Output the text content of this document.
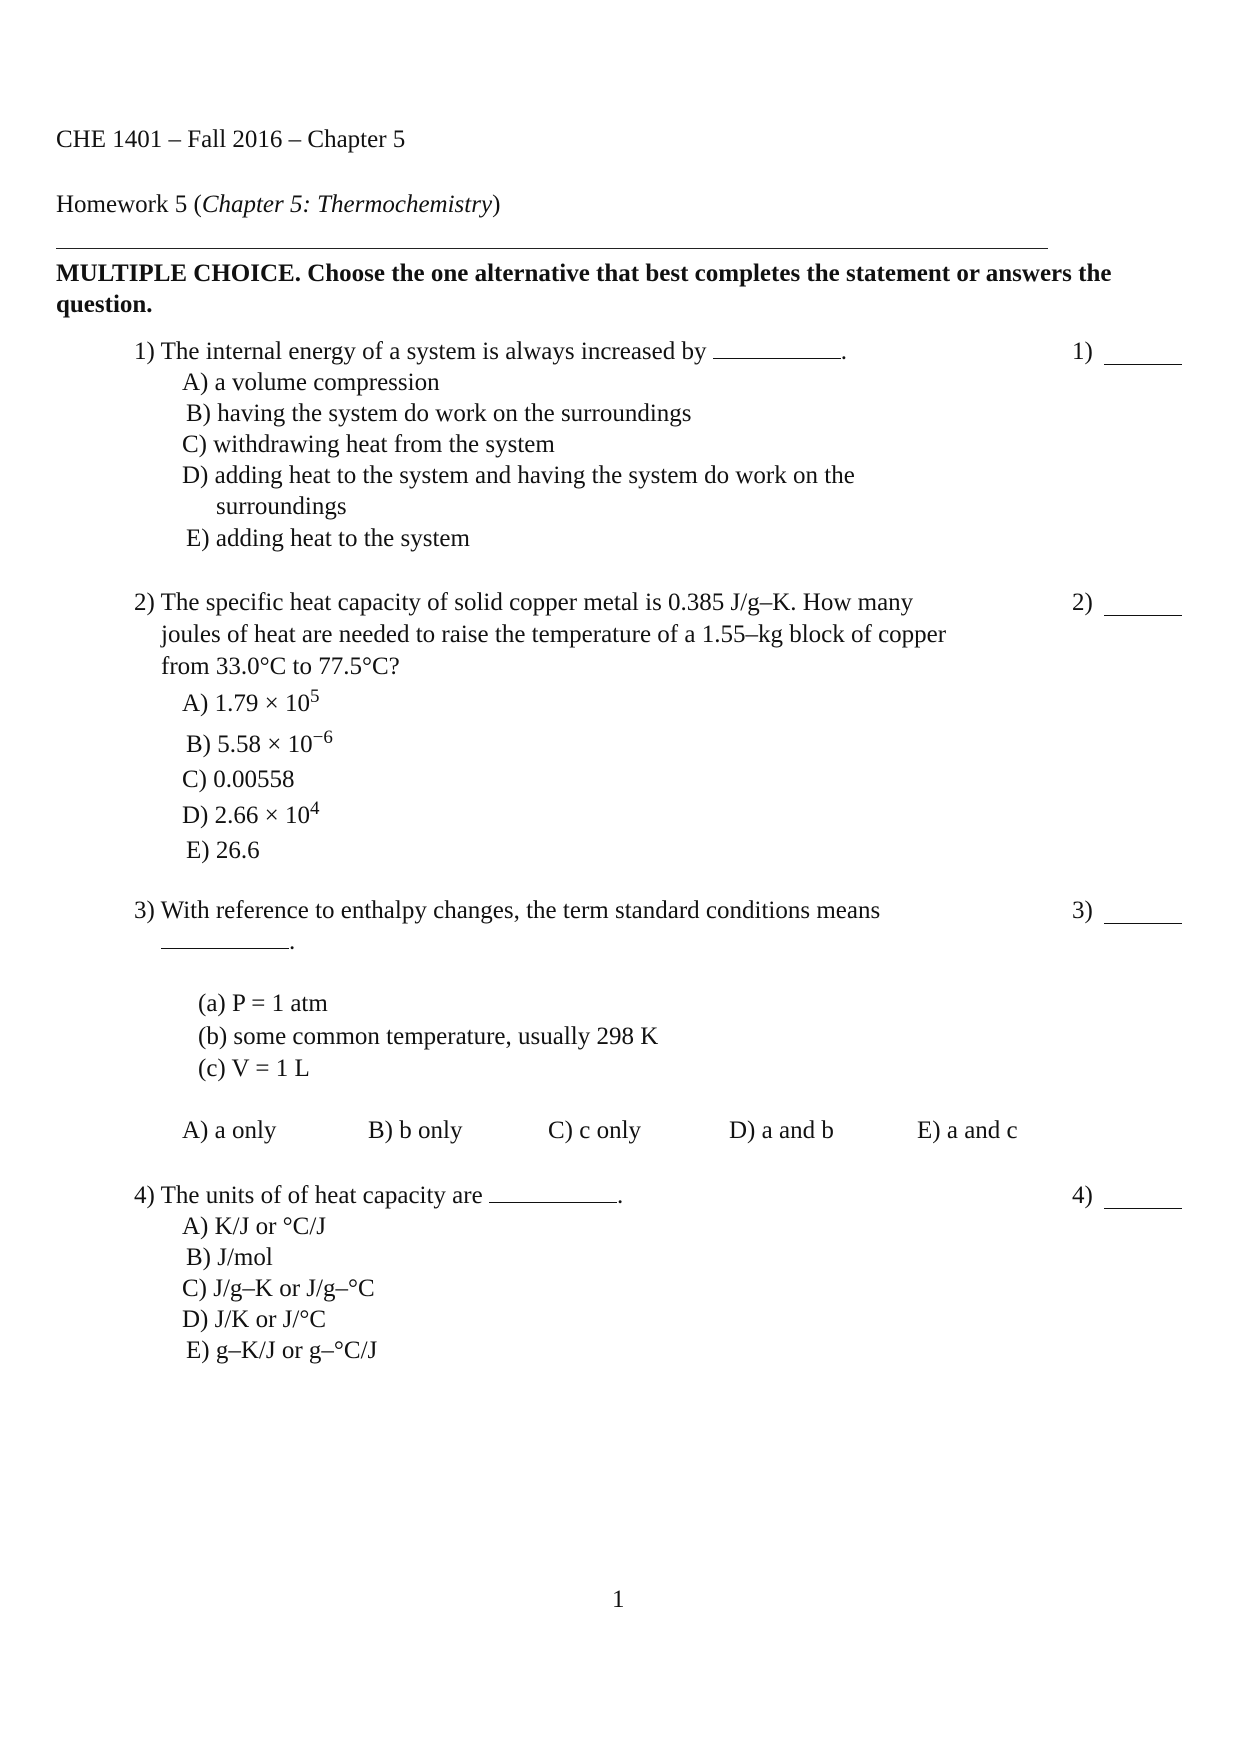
CHE 1401 – Fall 2016 – Chapter 5
Homework 5 (Chapter 5: Thermochemistry)
MULTIPLE CHOICE. Choose the one alternative that best completes the statement or answers the question.
1) The internal energy of a system is always increased by	.	1)
A) a volume compression
B) having the system do work on the surroundings
C) withdrawing heat from the system
D) adding heat to the system and having the system do work on the
surroundings
E) adding heat to the system
2) The specific heat capacity of solid copper metal is 0.385 J/g–K. How many	2)
joules of heat are needed to raise the temperature of a 1.55–kg block of copper
from 33.0°C to 77.5°C?
A) $1.79 \times 10^5$
B) $5.58 \times 10^{-6}$
C) 0.00558
D) $2.66 \times 10^4$
E) 26.6
3) With reference to enthalpy changes, the term standard conditions means	3)
.
(a) P = 1 atm
(b) some common temperature, usually 298 K
(c) V = 1 L
A) a only	B) b only	C) c only	D) a and b	E) a and c
4) The units of of heat capacity are	.	4)
A) K/J or °C/J
B) J/mol
C) J/g–K or J/g–°C
D) J/K or J/°C
E) g–K/J or g–°C/J
1
